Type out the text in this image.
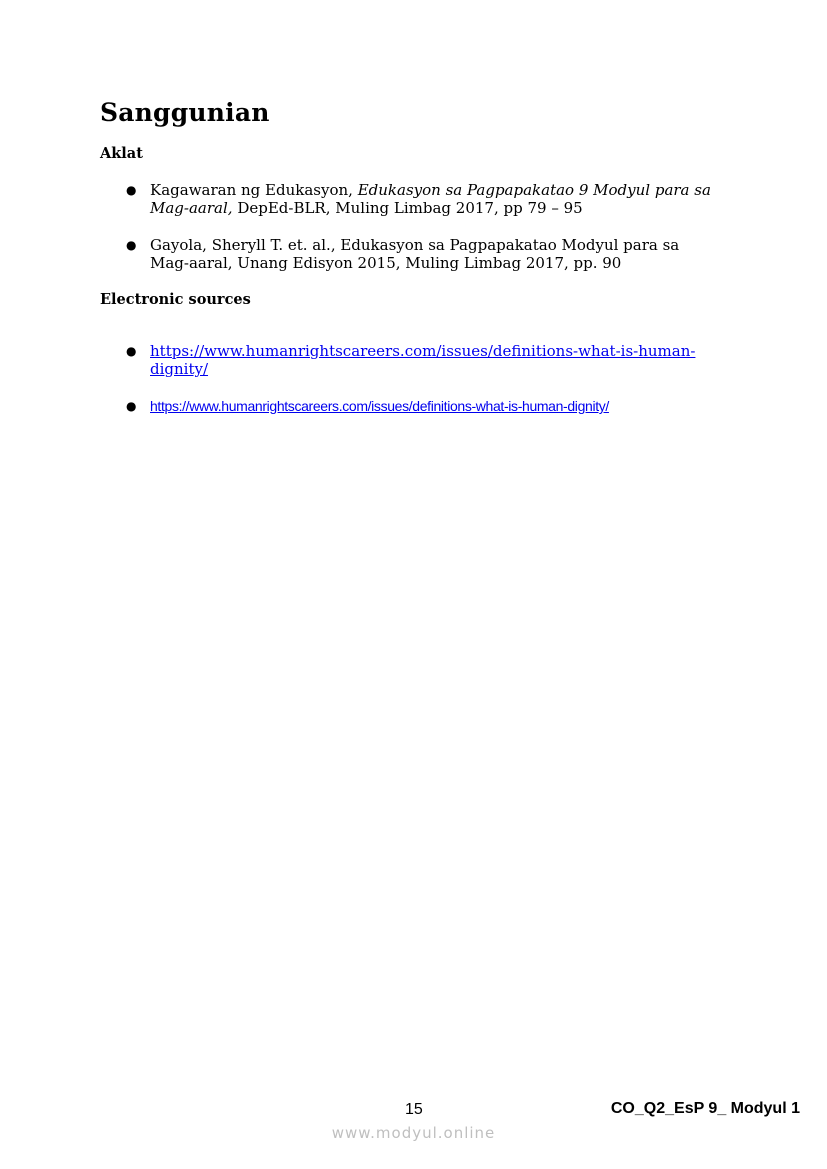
Sanggunian
Aklat
● Kagawaran ng Edukasyon, Edukasyon sa Pagpapakatao 9 Modyul para sa Mag-aaral, DepEd-BLR, Muling Limbag 2017, pp 79 – 95
● Gayola, Sheryll T. et. al., Edukasyon sa Pagpapakatao Modyul para sa Mag-aaral, Unang Edisyon 2015, Muling Limbag 2017, pp. 90
Electronic sources
● https://www.humanrightscareers.com/issues/definitions-what-is-human-dignity/
● https://www.humanrightscareers.com/issues/definitions-what-is-human-dignity/
15	CO_Q2_EsP 9_ Modyul 1
www.modyul.online
